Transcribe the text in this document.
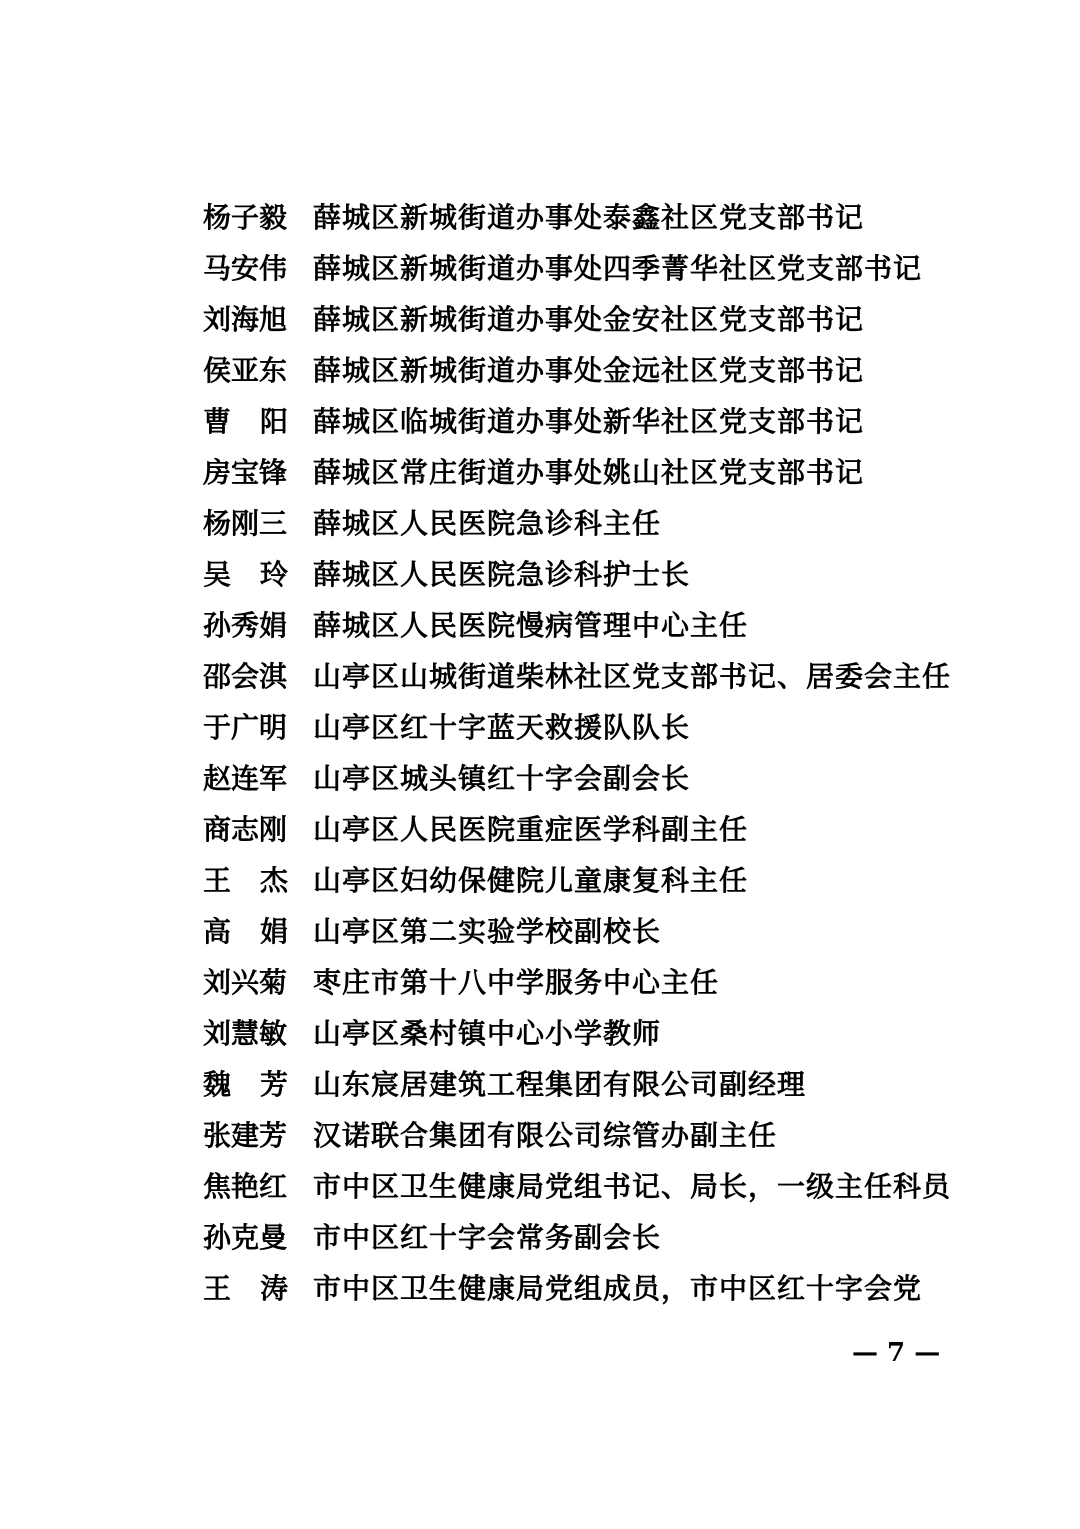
杨子毅 薛城区新城街道办事处泰鑫社区党支部书记
马安伟 薛城区新城街道办事处四季菁华社区党支部书记
刘海旭 薛城区新城街道办事处金安社区党支部书记
侯亚东 薛城区新城街道办事处金远社区党支部书记
曹阳
薛城区临城街道办事处新华社区党支部书记
房宝锋 薛城区常庄街道办事处姚山社区党支部书记
杨刚三 薛城区人民医院急诊科主任
吴玲
薛城区人民医院急诊科护士长
孙秀娟 薛城区人民医院慢病管理中心主任
邵会淇 山亭区山城街道柴林社区党支部书记、居委会主任
于广明 山亭区红十字蓝天救援队队长
赵连军 山亭区城头镇红十字会副会长
商志刚 山亭区人民医院重症医学科副主任
王杰
山亭区妇幼保健院儿童康复科主任
高娟
山亭区第二实验学校副校长
刘兴菊 枣庄市第十八中学服务中心主任
刘慧敏 山亭区桑村镇中心小学教师
魏芳
山东宸居建筑工程集团有限公司副经理
张建芳 汉诺联合集团有限公司综管办副主任
焦艳红 市中区卫生健康局党组书记、局长，一级主任科员
孙克曼 市中区红十字会常务副会长
王涛
市中区卫生健康局党组成员，市中区红十字会党
— 7 —
